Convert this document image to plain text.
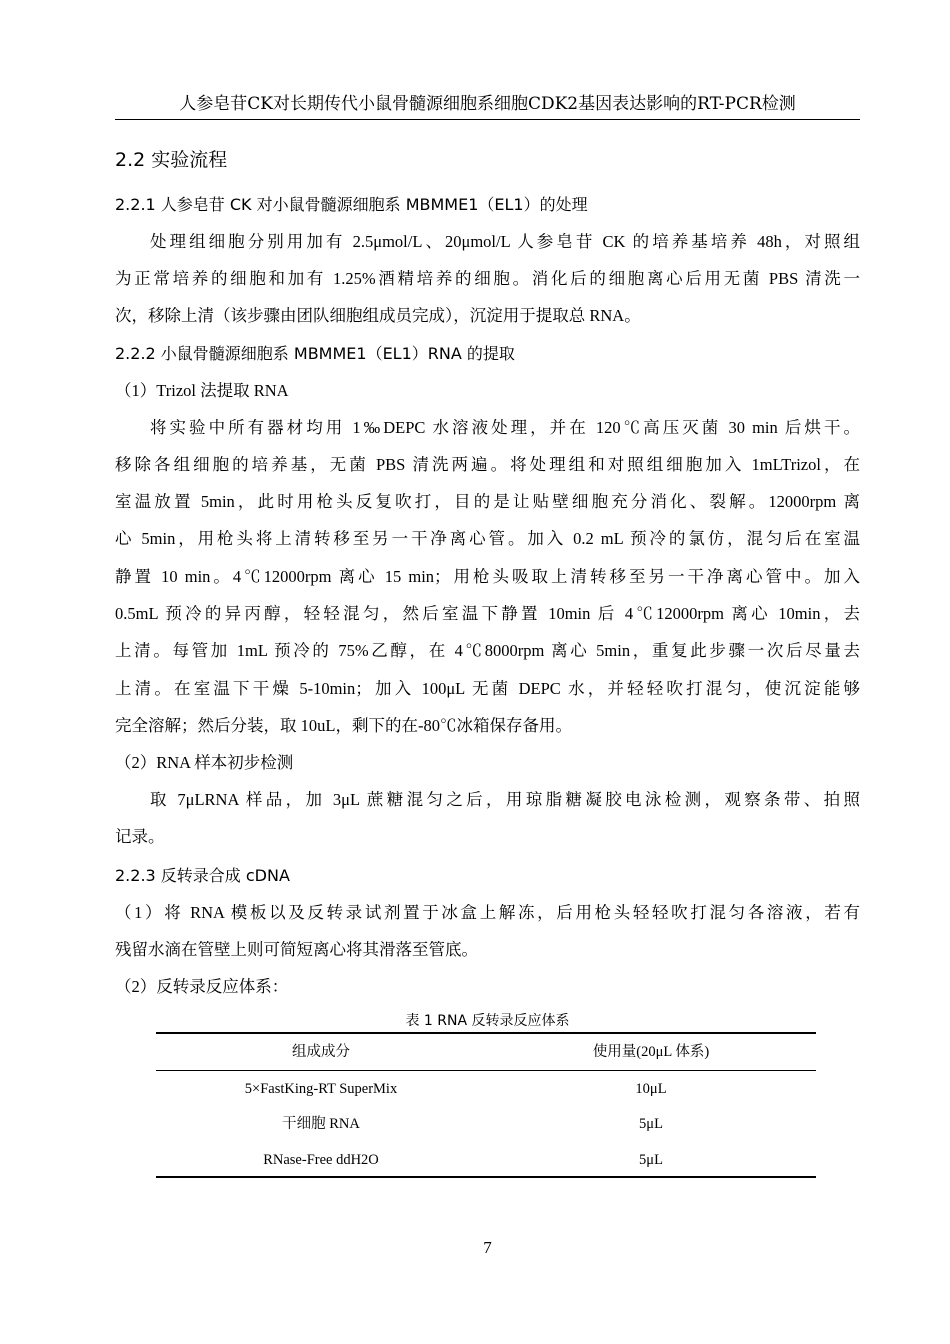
人参皂苷CK对长期传代小鼠骨髓源细胞系细胞CDK2基因表达影响的RT-PCR检测
2.2 实验流程
2.2.1 人参皂苷 CK 对小鼠骨髓源细胞系 MBMME1（EL1）的处理
处理组细胞分别用加有 2.5μmol/L、20μmol/L 人参皂苷 CK 的培养基培养 48h，对照组
为正常培养的细胞和加有 1.25%酒精培养的细胞。消化后的细胞离心后用无菌 PBS 清洗一
次，移除上清（该步骤由团队细胞组成员完成），沉淀用于提取总 RNA。
2.2.2 小鼠骨髓源细胞系 MBMME1（EL1）RNA 的提取
（1）Trizol 法提取 RNA
将实验中所有器材均用 1‰DEPC 水溶液处理，并在 120℃高压灭菌 30 min 后烘干。
移除各组细胞的培养基，无菌 PBS 清洗两遍。将处理组和对照组细胞加入 1mLTrizol，在
室温放置 5min，此时用枪头反复吹打，目的是让贴壁细胞充分消化、裂解。12000rpm 离
心 5min，用枪头将上清转移至另一干净离心管。加入 0.2 mL 预冷的氯仿，混匀后在室温
静置 10 min。4℃12000rpm 离心 15 min；用枪头吸取上清转移至另一干净离心管中。加入
0.5mL 预冷的异丙醇，轻轻混匀，然后室温下静置 10min 后 4℃12000rpm 离心 10min，去
上清。每管加 1mL 预冷的 75%乙醇，在 4℃8000rpm 离心 5min，重复此步骤一次后尽量去
上清。在室温下干燥 5-10min；加入 100μL 无菌 DEPC 水，并轻轻吹打混匀，使沉淀能够
完全溶解；然后分装，取 10uL，剩下的在-80℃冰箱保存备用。
（2）RNA 样本初步检测
取 7μLRNA 样品，加 3μL 蔗糖混匀之后，用琼脂糖凝胶电泳检测，观察条带、拍照
记录。
2.2.3 反转录合成 cDNA
（1）将 RNA 模板以及反转录试剂置于冰盒上解冻，后用枪头轻轻吹打混匀各溶液，若有
残留水滴在管壁上则可简短离心将其滑落至管底。
（2）反转录反应体系：
表 1 RNA 反转录反应体系
组成成分	使用量(20μL 体系)
5×FastKing-RT SuperMix	10μL
干细胞 RNA	5μL
RNase-Free ddH2O	5μL
7
